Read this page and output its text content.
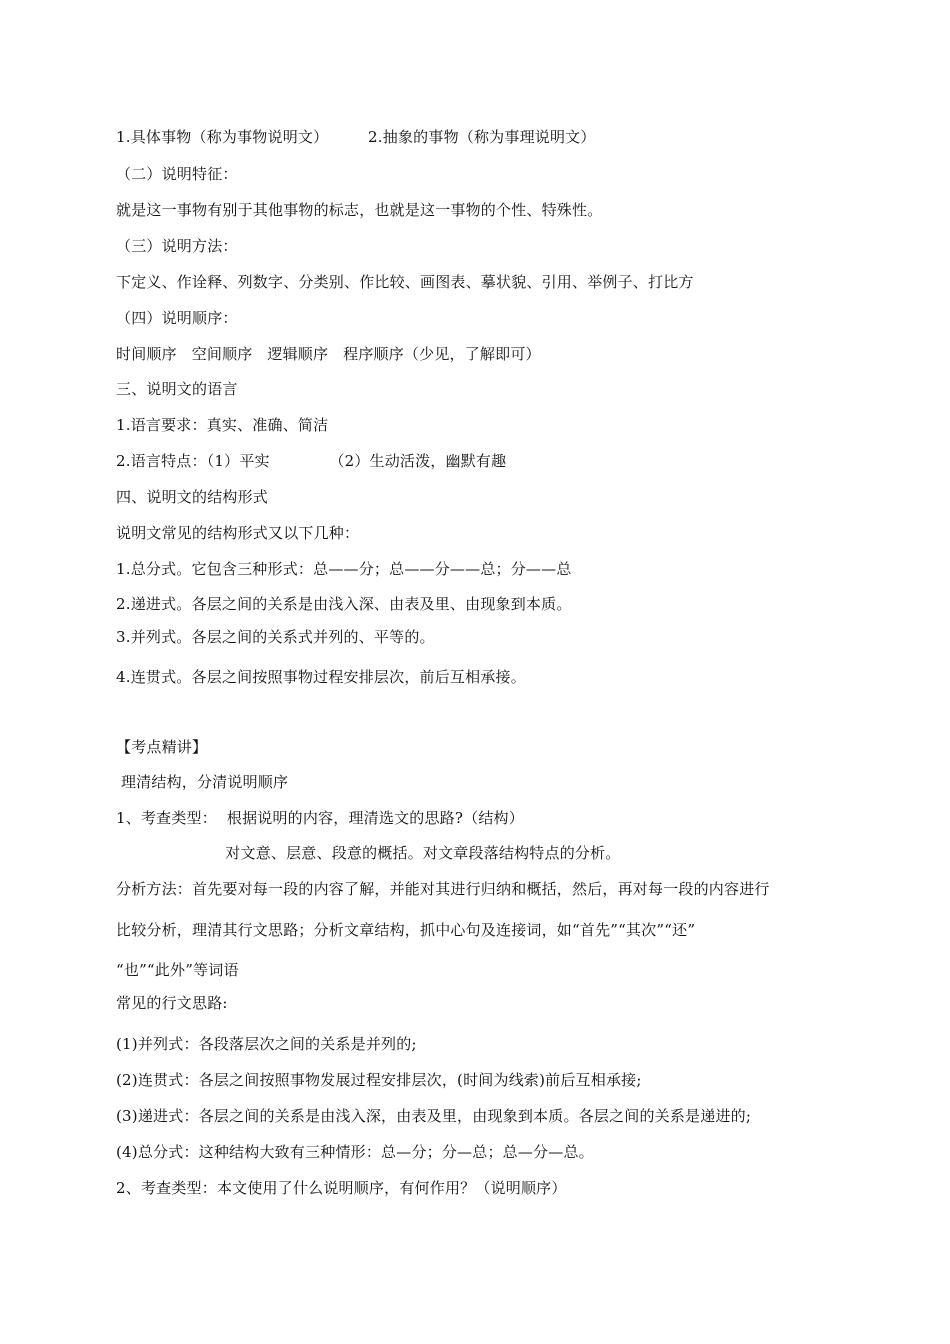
1.具体事物（称为事物说明文）        2.抽象的事物（称为事理说明文）
（二）说明特征：
就是这一事物有别于其他事物的标志，也就是这一事物的个性、特殊性。
（三）说明方法：
下定义、作诠释、列数字、分类别、作比较、画图表、摹状貌、引用、举例子、打比方
（四）说明顺序：
时间顺序   空间顺序   逻辑顺序   程序顺序（少见，了解即可）
三、说明文的语言
1.语言要求：真实、准确、简洁
2.语言特点：（1）平实            （2）生动活泼，幽默有趣
四、说明文的结构形式
说明文常见的结构形式又以下几种：
1.总分式。它包含三种形式：总——分；总——分——总；分——总
2.递进式。各层之间的关系是由浅入深、由表及里、由现象到本质。
3.并列式。各层之间的关系式并列的、平等的。
4.连贯式。各层之间按照事物过程安排层次，前后互相承接。
【考点精讲】
理清结构，分清说明顺序
1、考查类型：  根据说明的内容，理清选文的思路?（结构）
对文意、层意、段意的概括。对文章段落结构特点的分析。
分析方法：首先要对每一段的内容了解，并能对其进行归纳和概括，然后，再对每一段的内容进行
比较分析，理清其行文思路；分析文章结构，抓中心句及连接词，如“首先”“其次”“还”
“也”“此外”等词语
常见的行文思路:
(1)并列式：各段落层次之间的关系是并列的;
(2)连贯式：各层之间按照事物发展过程安排层次，(时间为线索)前后互相承接;
(3)递进式：各层之间的关系是由浅入深，由表及里，由现象到本质。各层之间的关系是递进的;
(4)总分式：这种结构大致有三种情形：总—分；分—总；总—分—总。
2、考查类型：本文使用了什么说明顺序，有何作用？（说明顺序）
